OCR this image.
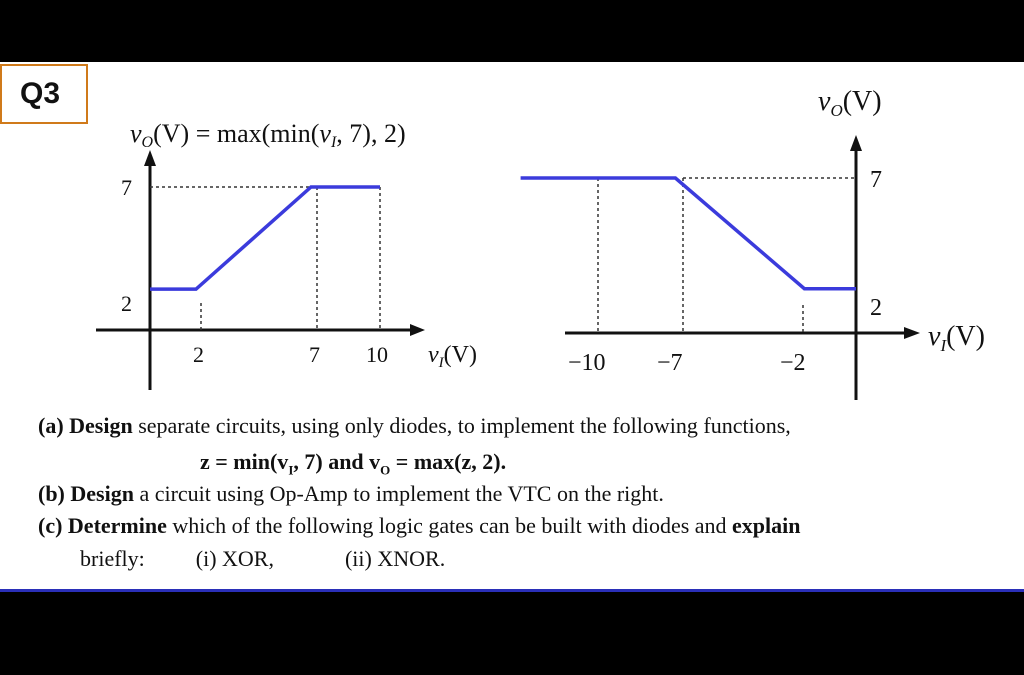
Q3
vO(V) = max(min(vI, 7), 2)
7
2
2	7 10 $v_I(V)$
$v_O(V)$
7
2
−10 −7	−2
$v_I(V)$
(a) Design separate circuits, using only diodes, to implement the following functions,
$z = \min(v_I$, 7) and $v_O = \max(z$, 2).
(b) Design a circuit using Op-Amp to implement the VTC on the right.
(c) Determine which of the following logic gates can be built with diodes and explain
briefly: (i) XOR,	(ii) XNOR.
